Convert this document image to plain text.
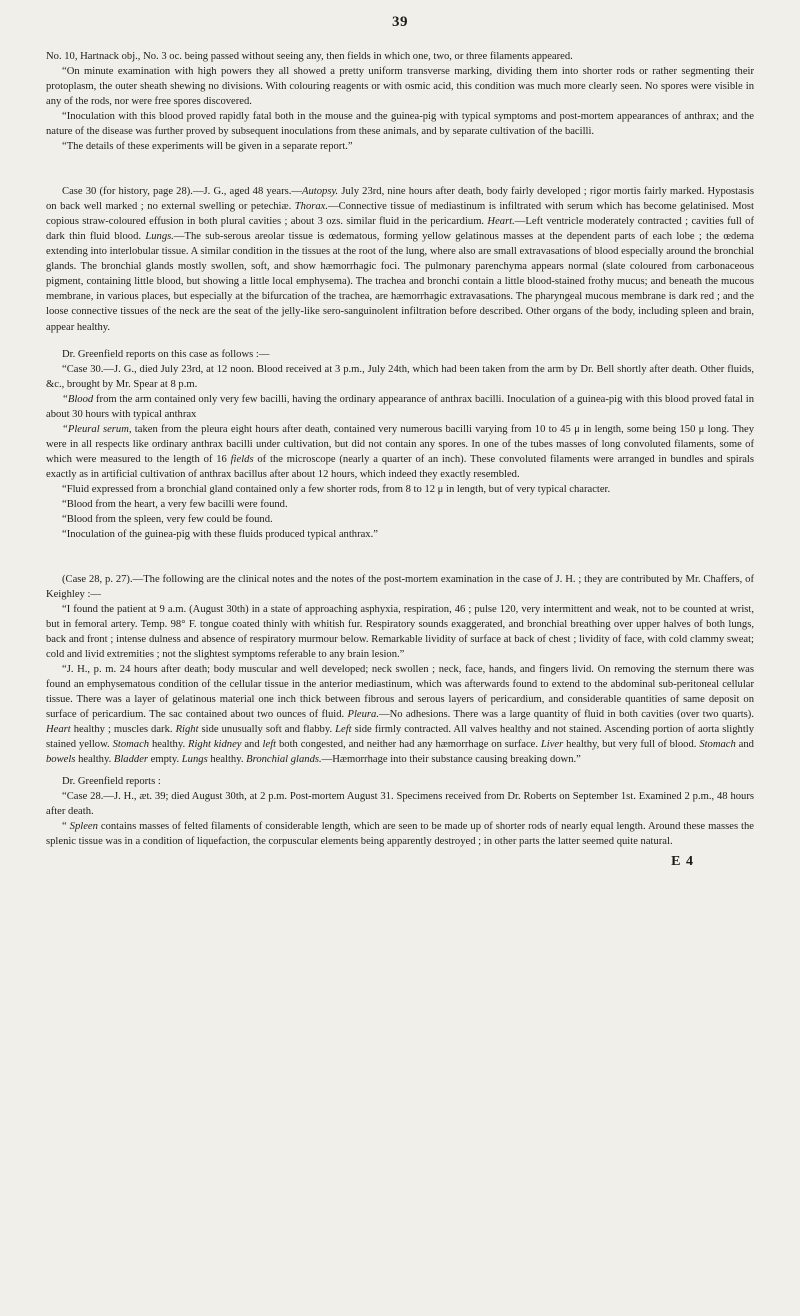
39

No. 10, Hartnack obj., No. 3 oc. being passed without seeing any, then fields in which one, two, or three filaments appeared.

“On minute examination with high powers they all showed a pretty uniform transverse marking, dividing them into shorter rods or rather segmenting their protoplasm, the outer sheath shewing no divisions. With colouring reagents or with osmic acid, this condition was much more clearly seen. No spores were visible in any of the rods, nor were free spores discovered.

“Inoculation with this blood proved rapidly fatal both in the mouse and the guinea-pig with typical symptoms and post-mortem appearances of anthrax; and the nature of the disease was further proved by subsequent inoculations from these animals, and by separate cultivation of the bacilli.

“The details of these experiments will be given in a separate report.”

Case 30 (for history, page 28).—J. G., aged 48 years.—Autopsy. July 23rd, nine hours after death, body fairly developed ; rigor mortis fairly marked. Hypostasis on back well marked ; no external swelling or petechiæ. Thorax.—Connective tissue of mediastinum is infiltrated with serum which has become gelatinised. Most copious straw-coloured effusion in both plural cavities ; about 3 ozs. similar fluid in the pericardium. Heart.—Left ventricle moderately contracted ; cavities full of dark thin fluid blood. Lungs.—The sub-serous areolar tissue is œdematous, forming yellow gelatinous masses at the dependent parts of each lobe ; the œdema extending into interlobular tissue. A similar condition in the tissues at the root of the lung, where also are small extravasations of blood especially around the bronchial glands. The bronchial glands mostly swollen, soft, and show hæmorrhagic foci. The pulmonary parenchyma appears normal (slate coloured from carbonaceous pigment, containing little blood, but showing a little local emphysema). The trachea and bronchi contain a little blood-stained frothy mucus; and beneath the mucous membrane, in various places, but especially at the bifurcation of the trachea, are hæmorrhagic extravasations. The pharyngeal mucous membrane is dark red ; and the loose connective tissues of the neck are the seat of the jelly-like sero-sanguinolent infiltration before described. Other organs of the body, including spleen and brain, appear healthy.

Dr. Greenfield reports on this case as follows :—

“Case 30.—J. G., died July 23rd, at 12 noon. Blood received at 3 p.m., July 24th, which had been taken from the arm by Dr. Bell shortly after death. Other fluids, &c., brought by Mr. Spear at 8 p.m.

“Blood from the arm contained only very few bacilli, having the ordinary appearance of anthrax bacilli. Inoculation of a guinea-pig with this blood proved fatal in about 30 hours with typical anthrax

“Pleural serum, taken from the pleura eight hours after death, contained very numerous bacilli varying from 10 to 45 μ in length, some being 150 μ long. They were in all respects like ordinary anthrax bacilli under cultivation, but did not contain any spores. In one of the tubes masses of long convoluted filaments, some of which were measured to the length of 16 fields of the microscope (nearly a quarter of an inch). These convoluted filaments were arranged in bundles and spirals exactly as in artificial cultivation of anthrax bacillus after about 12 hours, which indeed they exactly resembled.

“Fluid expressed from a bronchial gland contained only a few shorter rods, from 8 to 12 μ in length, but of very typical character.

“Blood from the heart, a very few bacilli were found.

“Blood from the spleen, very few could be found.

“Inoculation of the guinea-pig with these fluids produced typical anthrax.”

(Case 28, p. 27).—The following are the clinical notes and the notes of the post-mortem examination in the case of J. H. ; they are contributed by Mr. Chaffers, of Keighley :—

“I found the patient at 9 a.m. (August 30th) in a state of approaching asphyxia, respiration, 46 ; pulse 120, very intermittent and weak, not to be counted at wrist, but in femoral artery. Temp. 98° F. tongue coated thinly with whitish fur. Respiratory sounds exaggerated, and bronchial breathing over upper halves of both lungs, back and front ; intense dulness and absence of respiratory murmour below. Remarkable lividity of surface at back of chest ; lividity of face, with cold clammy sweat; cold and livid extremities ; not the slightest symptoms referable to any brain lesion.”

“J. H., p. m. 24 hours after death; body muscular and well developed; neck swollen ; neck, face, hands, and fingers livid. On removing the sternum there was found an emphysematous condition of the cellular tissue in the anterior mediastinum, which was afterwards found to extend to the abdominal sub-peritoneal cellular tissue. There was a layer of gelatinous material one inch thick between fibrous and serous layers of pericardium, and considerable quantities of same deposit on surface of pericardium. The sac contained about two ounces of fluid. Pleura.—No adhesions. There was a large quantity of fluid in both cavities (over two quarts). Heart healthy ; muscles dark. Right side unusually soft and flabby. Left side firmly contracted. All valves healthy and not stained. Ascending portion of aorta slightly stained yellow. Stomach healthy. Right kidney and left both congested, and neither had any hæmorrhage on surface. Liver healthy, but very full of blood. Stomach and bowels healthy. Bladder empty. Lungs healthy. Bronchial glands.—Hæmorrhage into their substance causing breaking down.”

Dr. Greenfield reports :

“Case 28.—J. H., æt. 39; died August 30th, at 2 p.m. Post-mortem August 31. Specimens received from Dr. Roberts on September 1st. Examined 2 p.m., 48 hours after death.

“ Spleen contains masses of felted filaments of considerable length, which are seen to be made up of shorter rods of nearly equal length. Around these masses the splenic tissue was in a condition of liquefaction, the corpuscular elements being apparently destroyed ; in other parts the latter seemed quite natural.

E 4
